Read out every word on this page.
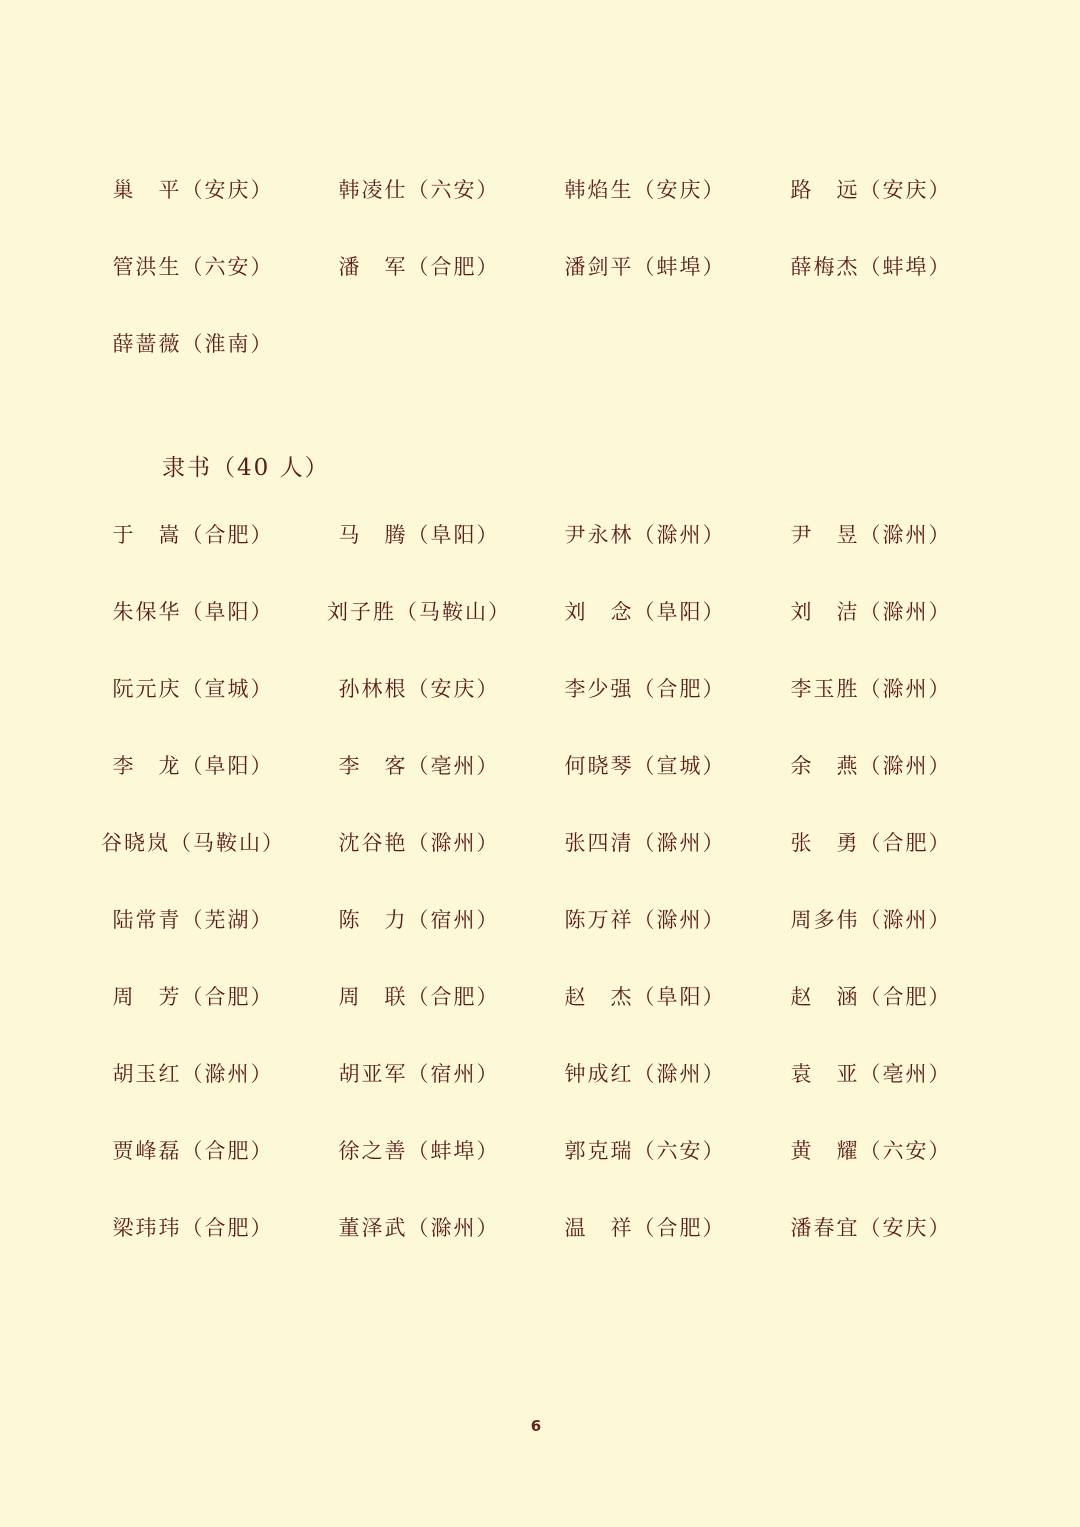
巢　平（安庆）	韩凌仕（六安）	韩焰生（安庆）	路　远（安庆）
管洪生（六安）	潘　军（合肥）	潘剑平（蚌埠）	薛梅杰（蚌埠）
薛蔷薇（淮南）
隶书（40 人）
于　嵩（合肥）	马　腾（阜阳）	尹永林（滁州）	尹　昱（滁州）
朱保华（阜阳）	刘子胜（马鞍山）	刘　念（阜阳）	刘　洁（滁州）
阮元庆（宣城）	孙林根（安庆）	李少强（合肥）	李玉胜（滁州）
李　龙（阜阳）	李　客（亳州）	何晓琴（宣城）	余　燕（滁州）
谷晓岚（马鞍山）	沈谷艳（滁州）	张四清（滁州）	张　勇（合肥）
陆常青（芜湖）	陈　力（宿州）	陈万祥（滁州）	周多伟（滁州）
周　芳（合肥）	周　联（合肥）	赵　杰（阜阳）	赵　涵（合肥）
胡玉红（滁州）	胡亚军（宿州）	钟成红（滁州）	袁　亚（亳州）
贾峰磊（合肥）	徐之善（蚌埠）	郭克瑞（六安）	黄　耀（六安）
梁玮玮（合肥）	董泽武（滁州）	温　祥（合肥）	潘春宜（安庆）
6
